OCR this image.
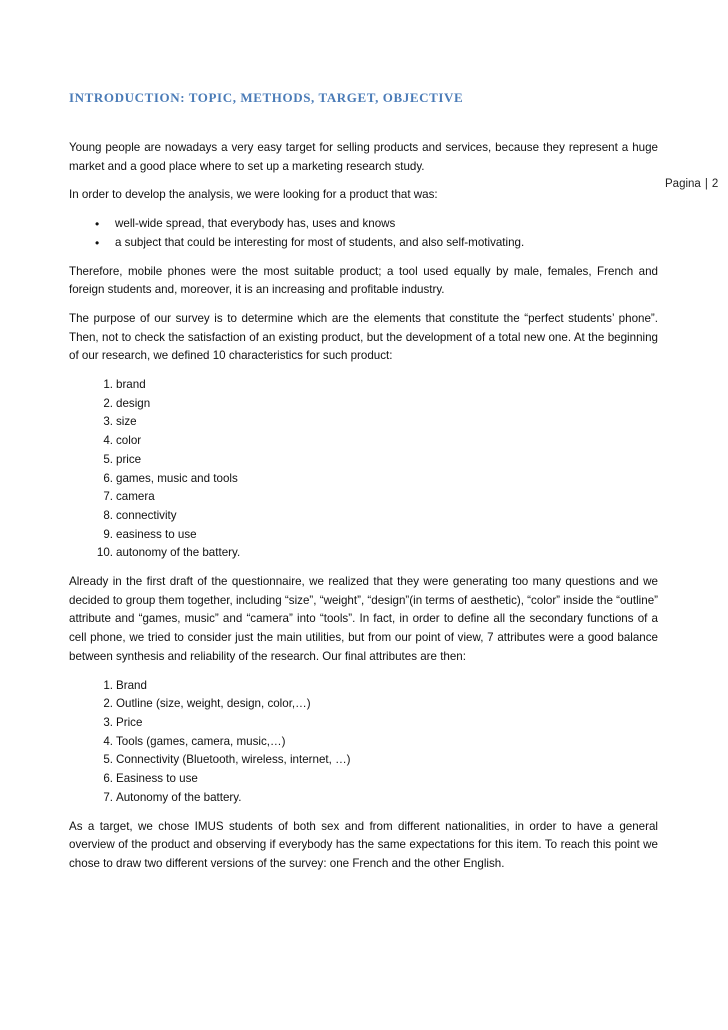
INTRODUCTION: TOPIC, METHODS, TARGET, OBJECTIVE
Pagina | 2

Young people are nowadays a very easy target for selling products and services, because they represent a huge market and a good place where to set up a marketing research study.

In order to develop the analysis, we were looking for a product that was:

• well-wide spread, that everybody has, uses and knows
• a subject that could be interesting for most of students, and also self-motivating.

Therefore, mobile phones were the most suitable product; a tool used equally by male, females, French and foreign students and, moreover, it is an increasing and profitable industry.

The purpose of our survey is to determine which are the elements that constitute the “perfect students’ phone”. Then, not to check the satisfaction of an existing product, but the development of a total new one. At the beginning of our research, we defined 10 characteristics for such product:

1. brand
2. design
3. size
4. color
5. price
6. games, music and tools
7. camera
8. connectivity
9. easiness to use
10. autonomy of the battery.

Already in the first draft of the questionnaire, we realized that they were generating too many questions and we decided to group them together, including “size”, “weight”, “design”(in terms of aesthetic), “color” inside the “outline” attribute and “games, music” and “camera” into “tools”. In fact, in order to define all the secondary functions of a cell phone, we tried to consider just the main utilities, but from our point of view, 7 attributes were a good balance between synthesis and reliability of the research. Our final attributes are then:

1. Brand
2. Outline (size, weight, design, color,…)
3. Price
4. Tools (games, camera, music,…)
5. Connectivity (Bluetooth, wireless, internet, …)
6. Easiness to use
7. Autonomy of the battery.

As a target, we chose IMUS students of both sex and from different nationalities, in order to have a general overview of the product and observing if everybody has the same expectations for this item. To reach this point we chose to draw two different versions of the survey: one French and the other English.
